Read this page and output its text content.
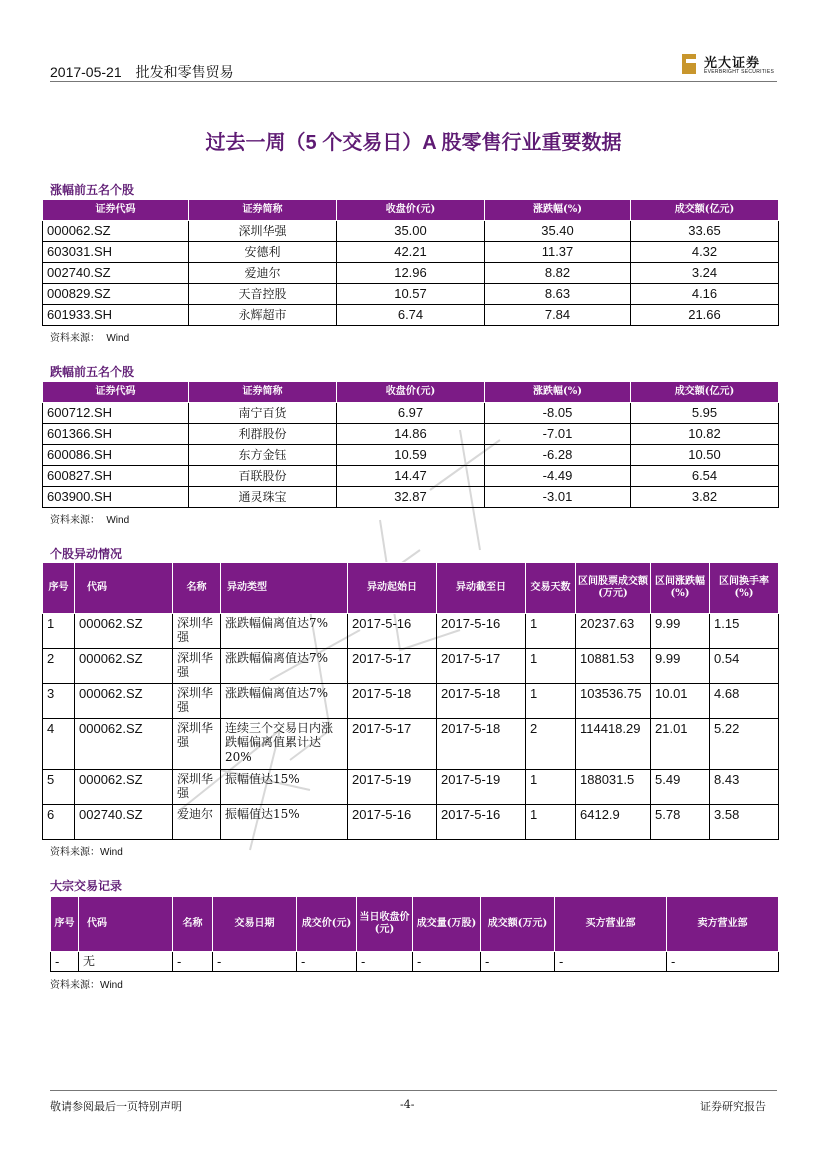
2017-05-21 批发和零售贸易
光大证券
EVERBRIGHT SECURITIES
过去一周（5 个交易日）A 股零售行业重要数据
涨幅前五名个股
证券代码	证券简称	收盘价(元)	涨跌幅(%)	成交额(亿元)
000062.SZ	深圳华强	35.00	35.40	33.65
603031.SH	安德利	42.21	11.37	4.32
002740.SZ	爱迪尔	12.96	8.82	3.24
000829.SZ	天音控股	10.57	8.63	4.16
601933.SH	永辉超市	6.74	7.84	21.66
资料来源： Wind
跌幅前五名个股
证券代码	证券简称	收盘价(元)	涨跌幅(%)	成交额(亿元)
600712.SH	南宁百货	6.97	-8.05	5.95
601366.SH	利群股份	14.86	-7.01	10.82
600086.SH	东方金钰	10.59	-6.28	10.50
600827.SH	百联股份	14.47	-4.49	6.54
603900.SH	通灵珠宝	32.87	-3.01	3.82
资料来源： Wind
个股异动情况
序号	代码	名称	异动类型	异动起始日	异动截至日	交易天数	区间股票成交额(万元)	区间涨跌幅(%)	区间换手率(%)
1	000062.SZ	深圳华强	涨跌幅偏离值达7%	2017-5-16	2017-5-16	1	20237.63	9.99	1.15
2	000062.SZ	深圳华强	涨跌幅偏离值达7%	2017-5-17	2017-5-17	1	10881.53	9.99	0.54
3	000062.SZ	深圳华强	涨跌幅偏离值达7%	2017-5-18	2017-5-18	1	103536.75	10.01	4.68
4	000062.SZ	深圳华强	连续三个交易日内涨跌幅偏离值累计达20%	2017-5-17	2017-5-18	2	114418.29	21.01	5.22
5	000062.SZ	深圳华强	振幅值达15%	2017-5-19	2017-5-19	1	188031.5	5.49	8.43
6	002740.SZ	爱迪尔	振幅值达15%	2017-5-16	2017-5-16	1	6412.9	5.78	3.58
资料来源：Wind
大宗交易记录
序号	代码	名称	交易日期	成交价(元)	当日收盘价(元)	成交量(万股)	成交额(万元)	买方营业部	卖方营业部
-	无	-	-	-	-	-	-	-	-
资料来源：Wind
敬请参阅最后一页特别声明	-4-	证券研究报告
